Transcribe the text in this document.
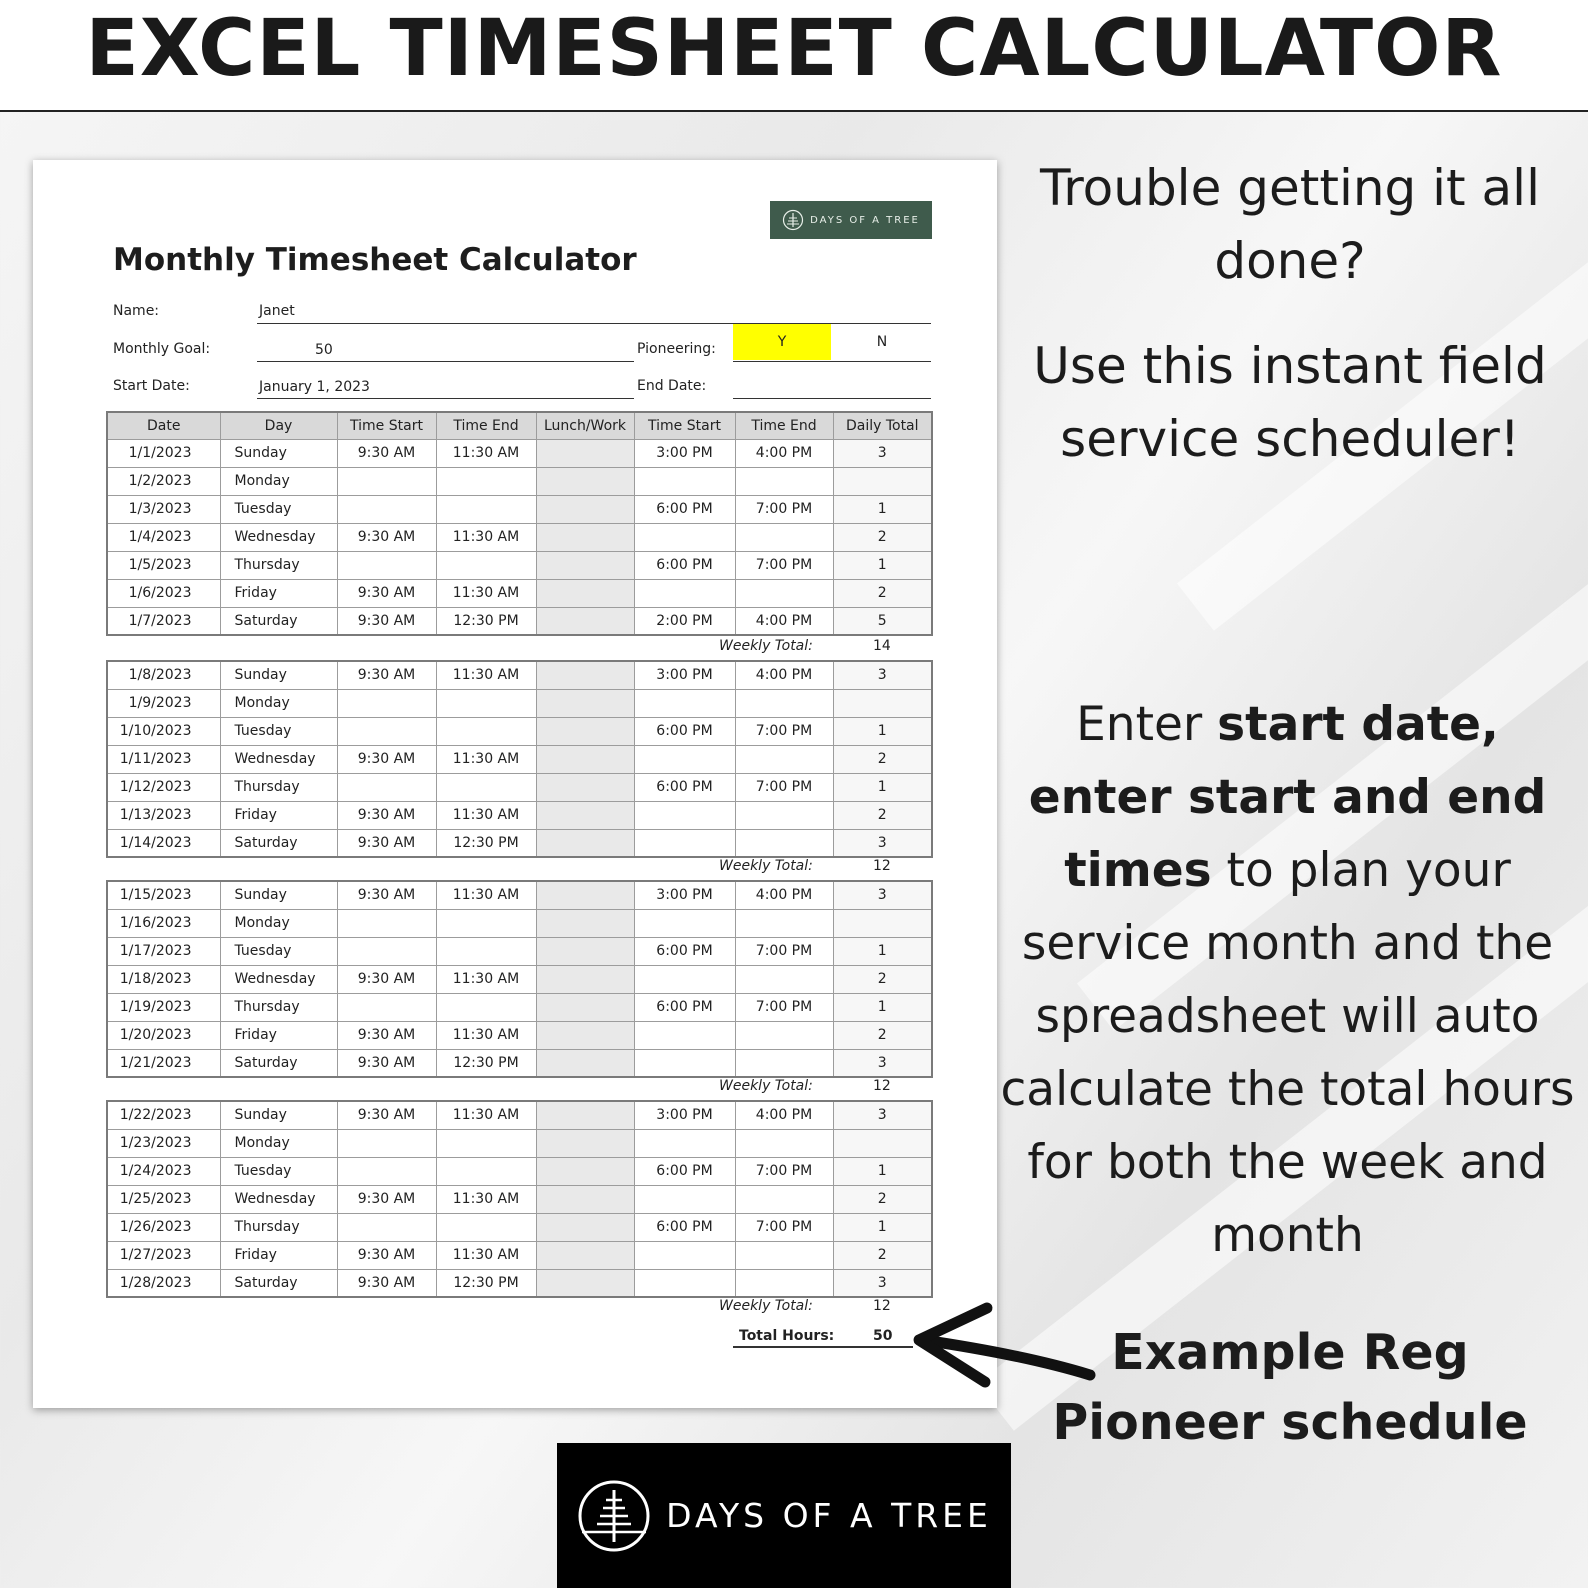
EXCEL TIMESHEET CALCULATOR
DAYS OF A TREE
Monthly Timesheet Calculator
Name:	Janet
Monthly Goal:	50	Pioneering:	Y	N
Start Date:	January 1, 2023	End Date:
Date	Day	Time Start	Time End	Lunch/Work	Time Start	Time End	Daily Total
1/1/2023	Sunday	9:30 AM	11:30 AM		3:00 PM	4:00 PM	3
1/2/2023	Monday						
1/3/2023	Tuesday				6:00 PM	7:00 PM	1
1/4/2023	Wednesday	9:30 AM	11:30 AM				2
1/5/2023	Thursday				6:00 PM	7:00 PM	1
1/6/2023	Friday	9:30 AM	11:30 AM				2
1/7/2023	Saturday	9:30 AM	12:30 PM		2:00 PM	4:00 PM	5
Weekly Total:	14
1/8/2023	Sunday	9:30 AM	11:30 AM		3:00 PM	4:00 PM	3
1/9/2023	Monday						
1/10/2023	Tuesday				6:00 PM	7:00 PM	1
1/11/2023	Wednesday	9:30 AM	11:30 AM				2
1/12/2023	Thursday				6:00 PM	7:00 PM	1
1/13/2023	Friday	9:30 AM	11:30 AM				2
1/14/2023	Saturday	9:30 AM	12:30 PM				3
Weekly Total:	12
1/15/2023	Sunday	9:30 AM	11:30 AM		3:00 PM	4:00 PM	3
1/16/2023	Monday						
1/17/2023	Tuesday				6:00 PM	7:00 PM	1
1/18/2023	Wednesday	9:30 AM	11:30 AM				2
1/19/2023	Thursday				6:00 PM	7:00 PM	1
1/20/2023	Friday	9:30 AM	11:30 AM				2
1/21/2023	Saturday	9:30 AM	12:30 PM				3
Weekly Total:	12
1/22/2023	Sunday	9:30 AM	11:30 AM		3:00 PM	4:00 PM	3
1/23/2023	Monday						
1/24/2023	Tuesday				6:00 PM	7:00 PM	1
1/25/2023	Wednesday	9:30 AM	11:30 AM				2
1/26/2023	Thursday				6:00 PM	7:00 PM	1
1/27/2023	Friday	9:30 AM	11:30 AM				2
1/28/2023	Saturday	9:30 AM	12:30 PM				3
Weekly Total:	12
Total Hours:	50
Trouble getting it all done?
Use this instant field service scheduler!
Enter start date, enter start and end times to plan your service month and the spreadsheet will auto calculate the total hours for both the week and month
Example Reg Pioneer schedule
DAYS OF A TREE
